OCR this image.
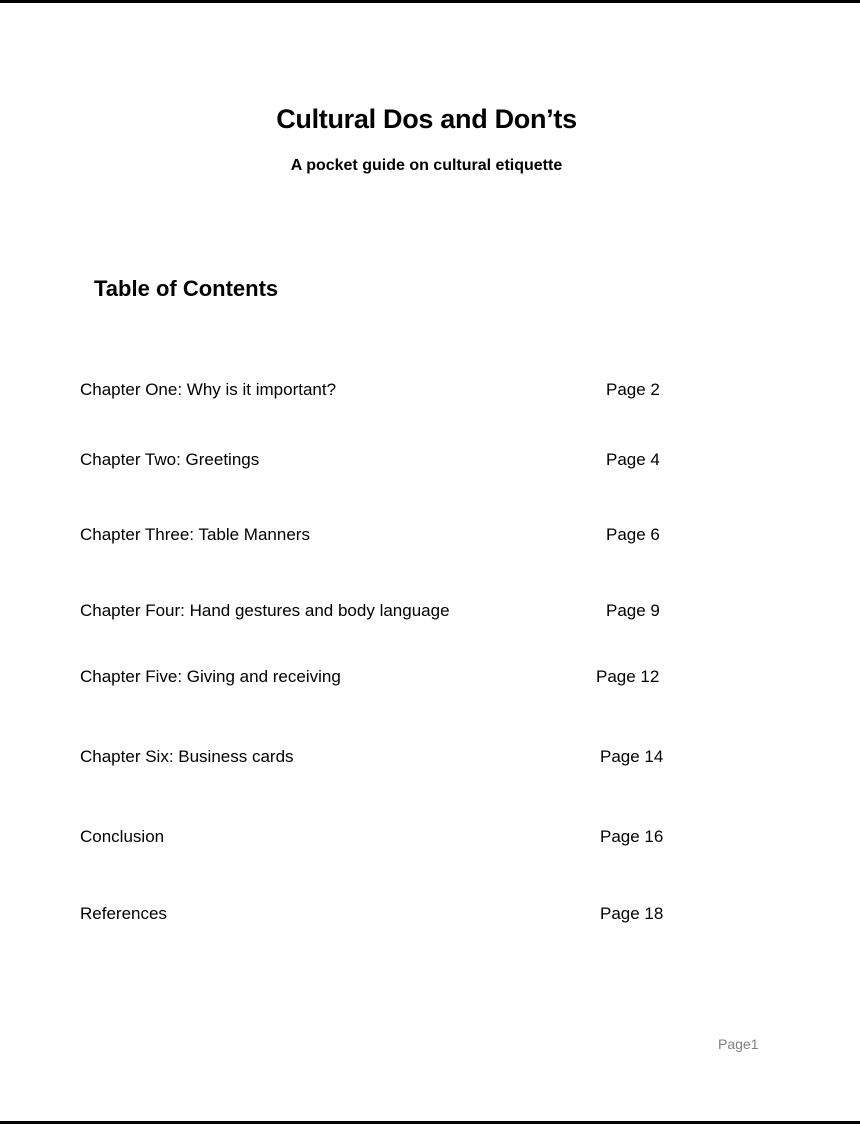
Cultural Dos and Don’ts
A pocket guide on cultural etiquette
Table of Contents
Chapter One: Why is it important?	Page 2
Chapter Two: Greetings	Page 4
Chapter Three: Table Manners	Page 6
Chapter Four: Hand gestures and body language	Page 9
Chapter Five: Giving and receiving	Page 12
Chapter Six: Business cards	Page 14
Conclusion	Page 16
References	Page 18
Page1
